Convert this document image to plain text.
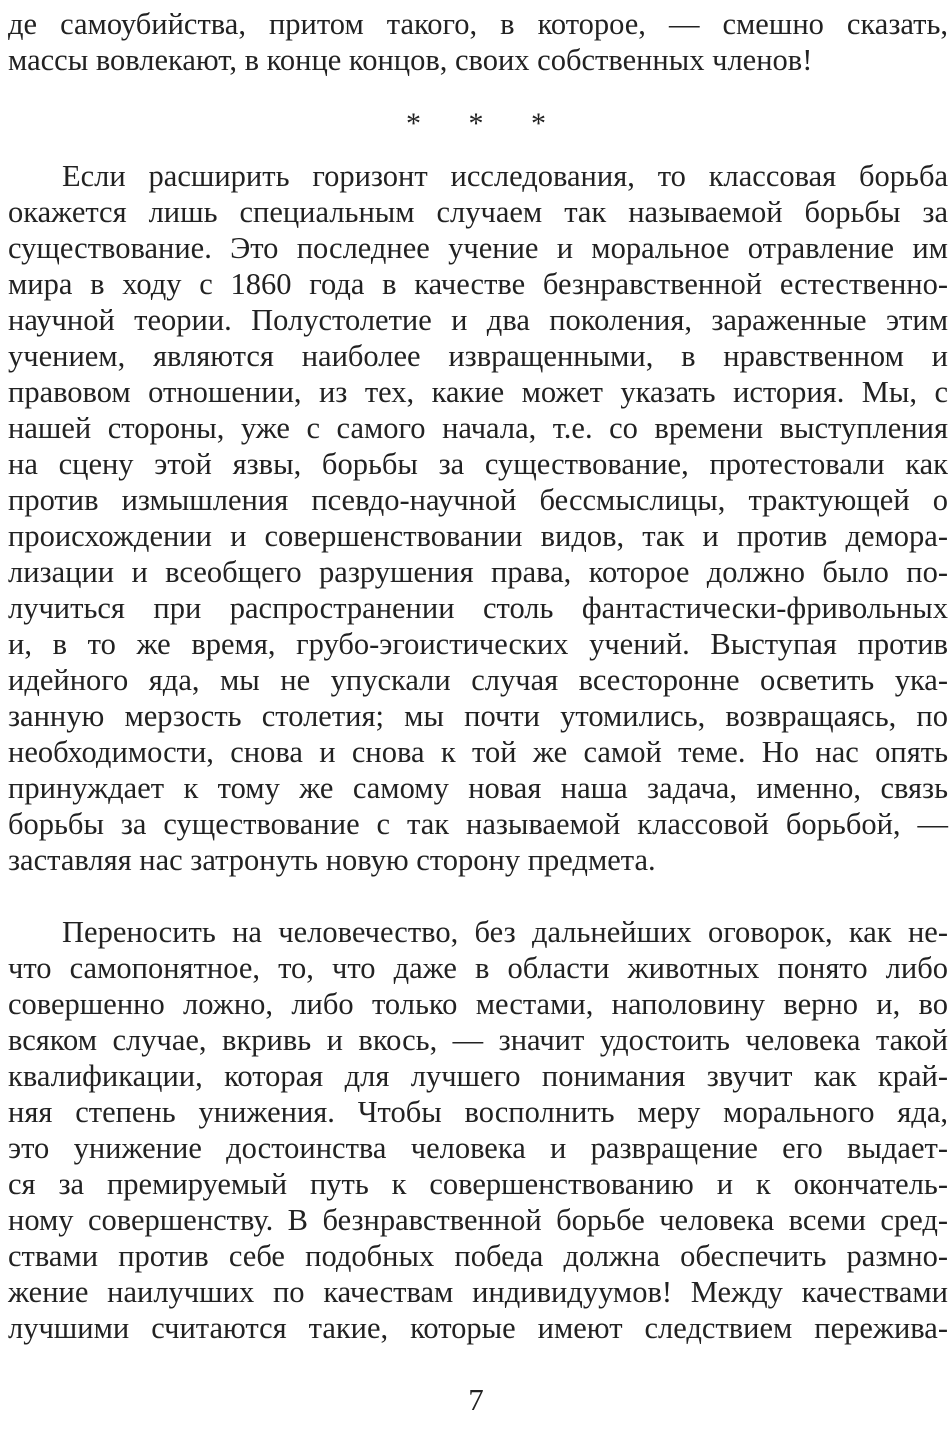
де самоубийства, притом такого, в которое, — смешно сказать,
массы вовлекают, в конце концов, своих собственных членов!
* * *
Если расширить горизонт исследования, то классовая борьба
окажется лишь специальным случаем так называемой борьбы за
существование. Это последнее учение и моральное отравление им
мира в ходу с 1860 года в качестве безнравственной естественно-
научной теории. Полустолетие и два поколения, зараженные этим
учением, являются наиболее извращенными, в нравственном и
правовом отношении, из тех, какие может указать история. Мы, с
нашей стороны, уже с самого начала, т.е. со времени выступления
на сцену этой язвы, борьбы за существование, протестовали как
против измышления псевдо-научной бессмыслицы, трактующей о
происхождении и совершенствовании видов, так и против демора-
лизации и всеобщего разрушения права, которое должно было по-
лучиться при распространении столь фантастически-фривольных
и, в то же время, грубо-эгоистических учений. Выступая против
идейного яда, мы не упускали случая всесторонне осветить ука-
занную мерзость столетия; мы почти утомились, возвращаясь, по
необходимости, снова и снова к той же самой теме. Но нас опять
принуждает к тому же самому новая наша задача, именно, связь
борьбы за существование с так называемой классовой борьбой, —
заставляя нас затронуть новую сторону предмета.
Переносить на человечество, без дальнейших оговорок, как не-
что самопонятное, то, что даже в области животных понято либо
совершенно ложно, либо только местами, наполовину верно и, во
всяком случае, вкривь и вкось, — значит удостоить человека такой
квалификации, которая для лучшего понимания звучит как край-
няя степень унижения. Чтобы восполнить меру морального яда,
это унижение достоинства человека и развращение его выдает-
ся за премируемый путь к совершенствованию и к окончатель-
ному совершенству. В безнравственной борьбе человека всеми сред-
ствами против себе подобных победа должна обеспечить размно-
жение наилучших по качествам индивидуумов! Между качествами
лучшими считаются такие, которые имеют следствием пережива-
7
